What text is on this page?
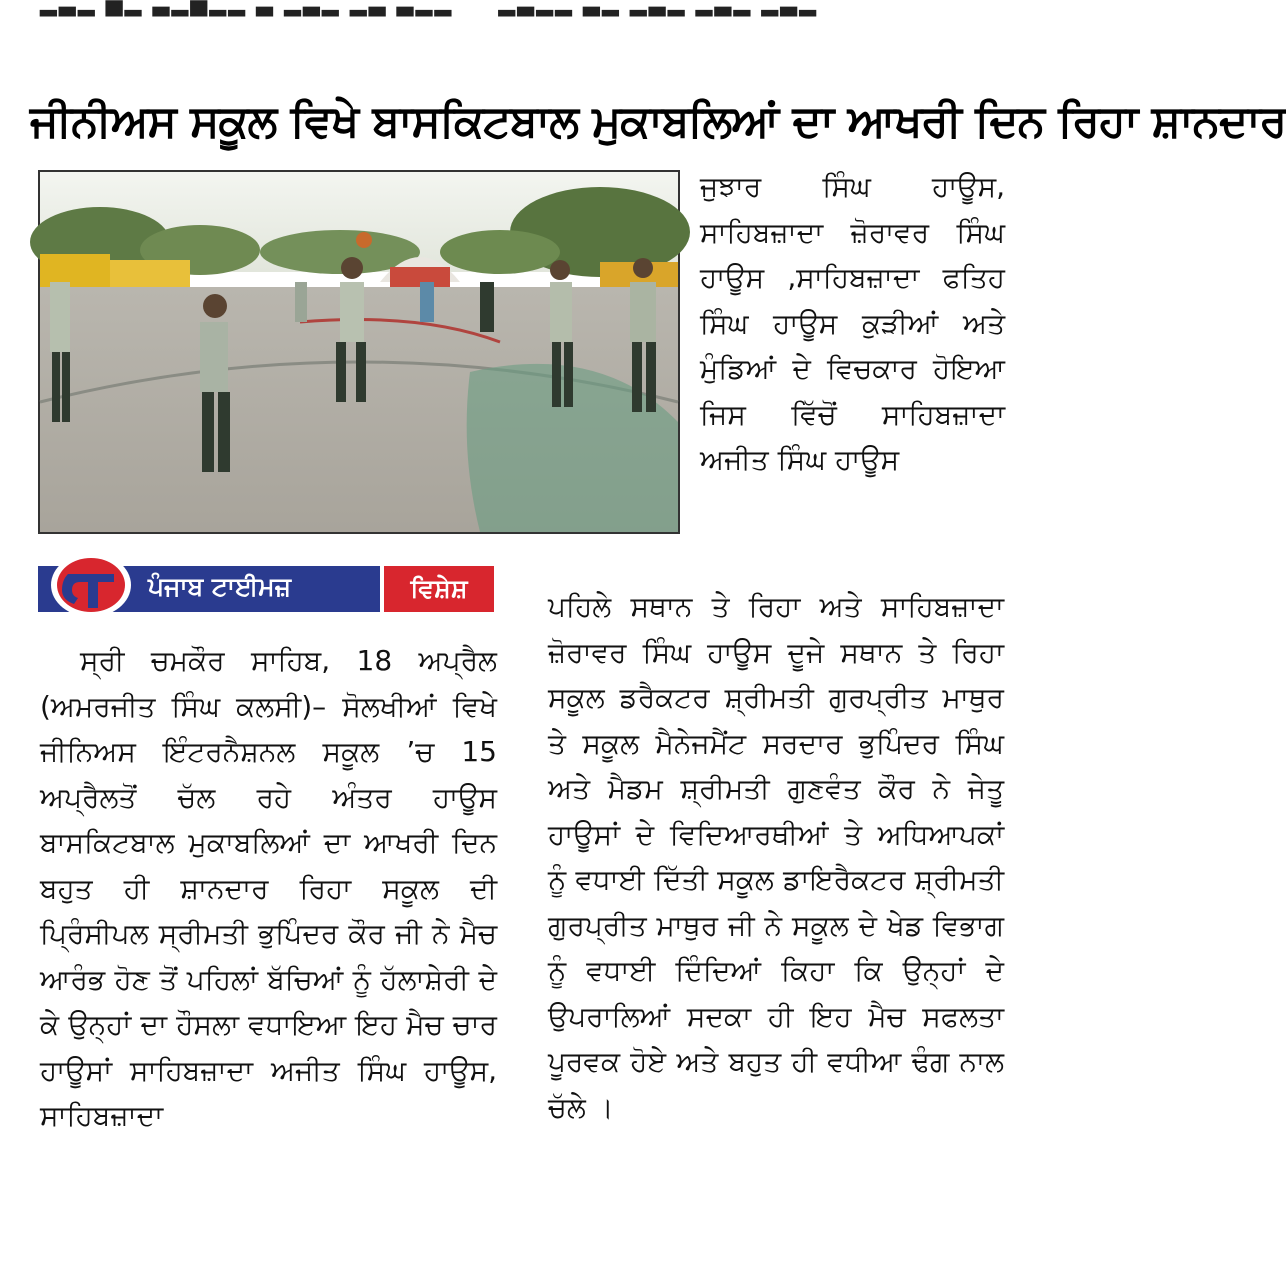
▂▃▂ ▅▂ ▃▂▅▂▂ ▃ ▂▃▂ ▂▃ ▃▂▂     ▂▃▂▂ ▃▂ ▂▃▂ ▂▃▂ ▂▃▂
ਜੀਨੀਅਸ ਸਕੂਲ ਵਿਖੇ ਬਾਸਕਿਟਬਾਲ ਮੁਕਾਬਲਿਆਂ ਦਾ ਆਖਰੀ ਦਿਨ ਰਿਹਾ ਸ਼ਾਨਦਾਰ

ਜੁਝਾਰ ਸਿੰਘ ਹਾਊਸ, ਸਾਹਿਬਜ਼ਾਦਾ ਜ਼ੋਰਾਵਰ ਸਿੰਘ ਹਾਊਸ ,ਸਾਹਿਬਜ਼ਾਦਾ ਫਤਿਹ ਸਿੰਘ ਹਾਊਸ ਕੁੜੀਆਂ ਅਤੇ ਮੁੰਡਿਆਂ ਦੇ ਵਿਚਕਾਰ ਹੋਇਆ ਜਿਸ ਵਿੱਚੋਂ ਸਾਹਿਬਜ਼ਾਦਾ ਅਜੀਤ ਸਿੰਘ ਹਾਊਸ

ਪੰਜਾਬ ਟਾਈਮਜ਼	ਵਿਸ਼ੇਸ਼

ਪਹਿਲੇ ਸਥਾਨ ਤੇ ਰਿਹਾ ਅਤੇ ਸਾਹਿਬਜ਼ਾਦਾ ਜ਼ੋਰਾਵਰ ਸਿੰਘ ਹਾਊਸ ਦੂਜੇ ਸਥਾਨ ਤੇ ਰਿਹਾ ਸਕੂਲ ਡਰੈਕਟਰ ਸ਼੍ਰੀਮਤੀ ਗੁਰਪ੍ਰੀਤ ਮਾਥੁਰ ਤੇ ਸਕੂਲ ਮੈਨੇਜਮੈਂਟ ਸਰਦਾਰ ਭੁਪਿੰਦਰ ਸਿੰਘ ਅਤੇ ਮੈਡਮ ਸ਼੍ਰੀਮਤੀ ਗੁਣਵੰਤ ਕੌਰ ਨੇ ਜੇਤੂ ਹਾਊਸਾਂ ਦੇ ਵਿਦਿਆਰਥੀਆਂ ਤੇ ਅਧਿਆਪਕਾਂ ਨੂੰ ਵਧਾਈ ਦਿੱਤੀ ਸਕੂਲ ਡਾਇਰੈਕਟਰ ਸ਼੍ਰੀਮਤੀ ਗੁਰਪ੍ਰੀਤ ਮਾਥੁਰ ਜੀ ਨੇ ਸਕੂਲ ਦੇ ਖੇਡ ਵਿਭਾਗ ਨੂੰ ਵਧਾਈ ਦਿੰਦਿਆਂ ਕਿਹਾ ਕਿ ਉਨ੍ਹਾਂ ਦੇ ਉਪਰਾਲਿਆਂ ਸਦਕਾ ਹੀ ਇਹ ਮੈਚ ਸਫਲਤਾ ਪੂਰਵਕ ਹੋਏ ਅਤੇ ਬਹੁਤ ਹੀ ਵਧੀਆ ਢੰਗ ਨਾਲ ਚੱਲੇ ।

ਸ੍ਰੀ ਚਮਕੌਰ ਸਾਹਿਬ, 18 ਅਪ੍ਰੈਲ (ਅਮਰਜੀਤ ਸਿੰਘ ਕਲਸੀ)– ਸੋਲਖੀਆਂ ਵਿਖੇ ਜੀਨਿਅਸ ਇੰਟਰਨੈਸ਼ਨਲ ਸਕੂਲ ’ਚ 15 ਅਪ੍ਰੈਲਤੋਂ ਚੱਲ ਰਹੇ ਅੰਤਰ ਹਾਊਸ ਬਾਸਕਿਟਬਾਲ ਮੁਕਾਬਲਿਆਂ ਦਾ ਆਖਰੀ ਦਿਨ ਬਹੁਤ ਹੀ ਸ਼ਾਨਦਾਰ ਰਿਹਾ ਸਕੂਲ ਦੀ ਪ੍ਰਿੰਸੀਪਲ ਸ੍ਰੀਮਤੀ ਭੁਪਿੰਦਰ ਕੌਰ ਜੀ ਨੇ ਮੈਚ ਆਰੰਭ ਹੋਣ ਤੋਂ ਪਹਿਲਾਂ ਬੱਚਿਆਂ ਨੂੰ ਹੱਲਾਸ਼ੇਰੀ ਦੇ ਕੇ ਉਨ੍ਹਾਂ ਦਾ ਹੌਸਲਾ ਵਧਾਇਆ ਇਹ ਮੈਚ ਚਾਰ ਹਾਊਸਾਂ ਸਾਹਿਬਜ਼ਾਦਾ ਅਜੀਤ ਸਿੰਘ ਹਾਊਸ, ਸਾਹਿਬਜ਼ਾਦਾ
